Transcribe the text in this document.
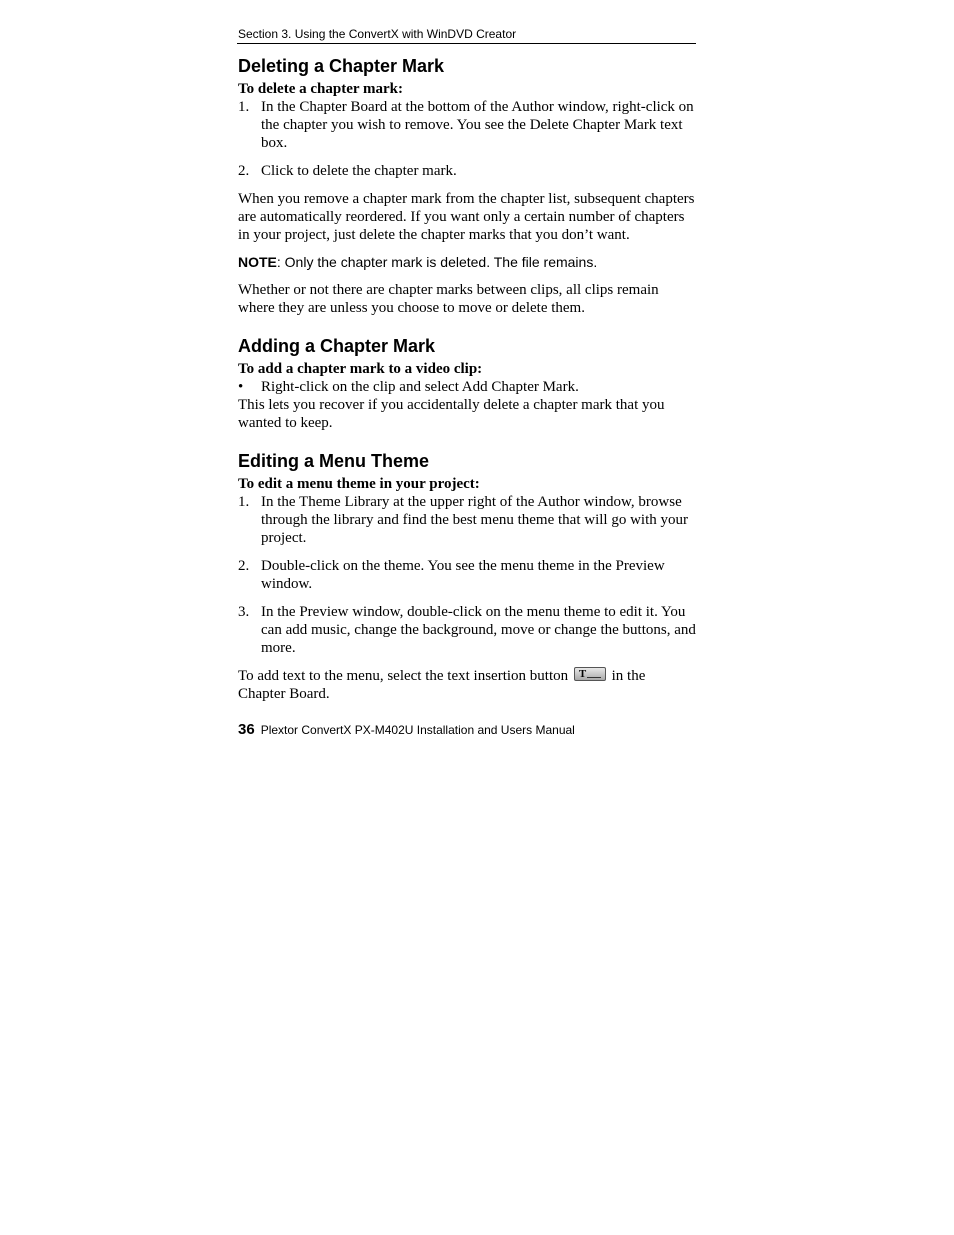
Section 3. Using the ConvertX with WinDVD Creator
Deleting a Chapter Mark

To delete a chapter mark:

1. In the Chapter Board at the bottom of the Author window, right-click on the chapter you wish to remove. You see the Delete Chapter Mark text box.
2. Click to delete the chapter mark.

When you remove a chapter mark from the chapter list, subsequent chapters are automatically reordered. If you want only a certain number of chapters in your project, just delete the chapter marks that you don’t want.

NOTE: Only the chapter mark is deleted. The file remains.

Whether or not there are chapter marks between clips, all clips remain where they are unless you choose to move or delete them.

Adding a Chapter Mark

To add a chapter mark to a video clip:

• Right-click on the clip and select Add Chapter Mark.

This lets you recover if you accidentally delete a chapter mark that you wanted to keep.

Editing a Menu Theme

To edit a menu theme in your project:

1. In the Theme Library at the upper right of the Author window, browse through the library and find the best menu theme that will go with your project.
2. Double-click on the theme. You see the menu theme in the Preview window.
3. In the Preview window, double-click on the menu theme to edit it. You can add music, change the background, move or change the buttons, and more.

To add text to the menu, select the text insertion button T in the Chapter Board.

36 Plextor ConvertX PX-M402U Installation and Users Manual
